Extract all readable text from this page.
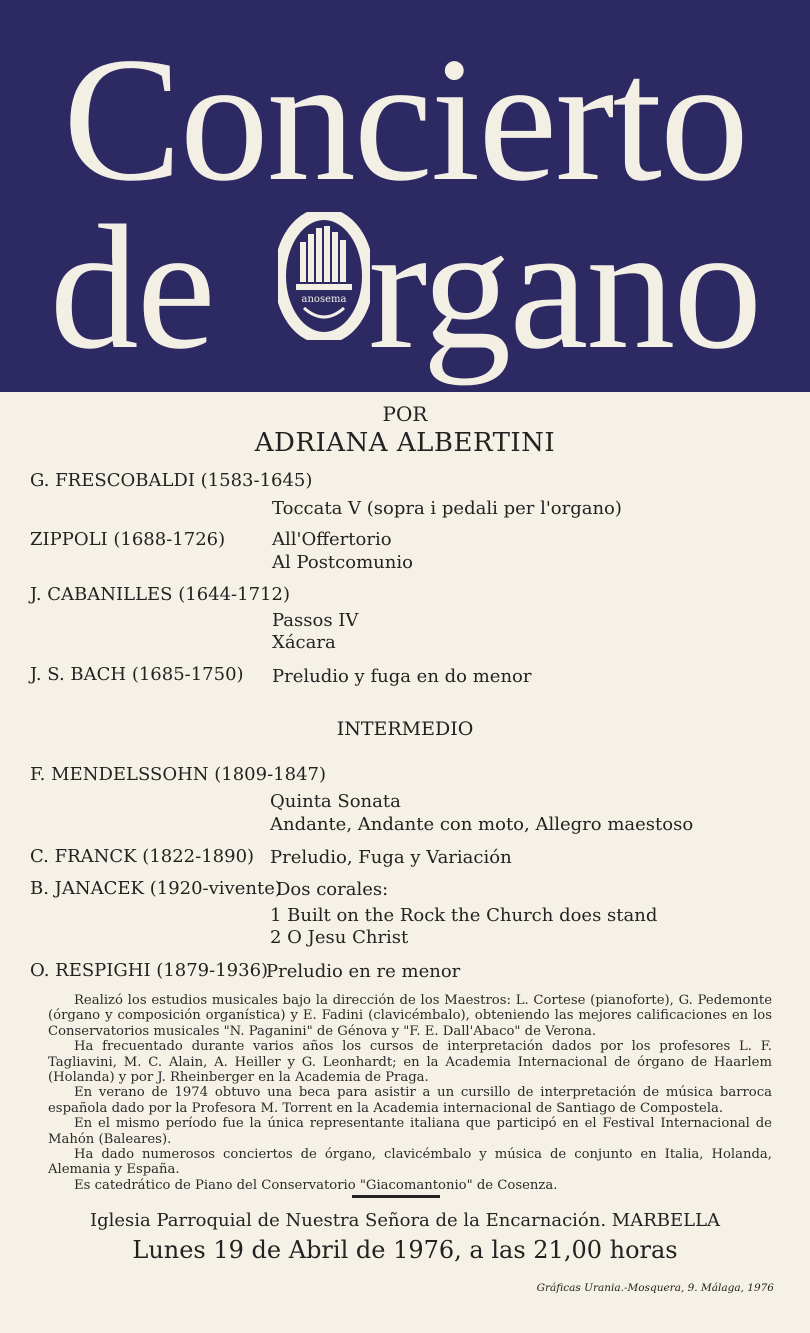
Concierto
de rgano
anosema
POR
ADRIANA ALBERTINI
G. FRESCOBALDI (1583-1645)
Toccata V (sopra i pedali per l'organo)
ZIPPOLI (1688-1726)	All'Offertorio
Al Postcomunio
J. CABANILLES (1644-1712)
Passos IV
Xácara
J. S. BACH (1685-1750) Preludio y fuga en do menor
INTERMEDIO
F. MENDELSSOHN (1809-1847)
Quinta Sonata
Andante, Andante con moto, Allegro maestoso
C. FRANCK (1822-1890) Preludio, Fuga y Variación
B. JANACEK (1920-vivente)
Dos corales:
1 Built on the Rock the Church does stand
2 O Jesu Christ
O. RESPIGHI (1879-1936)
Preludio en re menor

Realizó los estudios musicales bajo la dirección de los Maestros: L. Cortese (pianoforte), G. Pedemonte (órgano y composición organística) y E. Fadini (clavicémbalo), obteniendo las mejores calificaciones en los Conservatorios musicales "N. Paganini" de Génova y "F. E. Dall'Abaco" de Verona.

Ha frecuentado durante varios años los cursos de interpretación dados por los profesores L. F. Tagliavini, M. C. Alain, A. Heiller y G. Leonhardt; en la Academia Internacional de órgano de Haarlem (Holanda) y por J. Rheinberger en la Academia de Praga.

En verano de 1974 obtuvo una beca para asistir a un cursillo de interpretación de música barroca española dado por la Profesora M. Torrent en la Academia internacional de Santiago de Compostela.

En el mismo período fue la única representante italiana que participó en el Festival Internacional de Mahón (Baleares).

Ha dado numerosos conciertos de órgano, clavicémbalo y música de conjunto en Italia, Holanda, Alemania y España.

Es catedrático de Piano del Conservatorio "Giacomantonio" de Cosenza.

Iglesia Parroquial de Nuestra Señora de la Encarnación. MARBELLA
Lunes 19 de Abril de 1976, a las 21,00 horas
Gráficas Urania.-Mosquera, 9. Málaga, 1976
